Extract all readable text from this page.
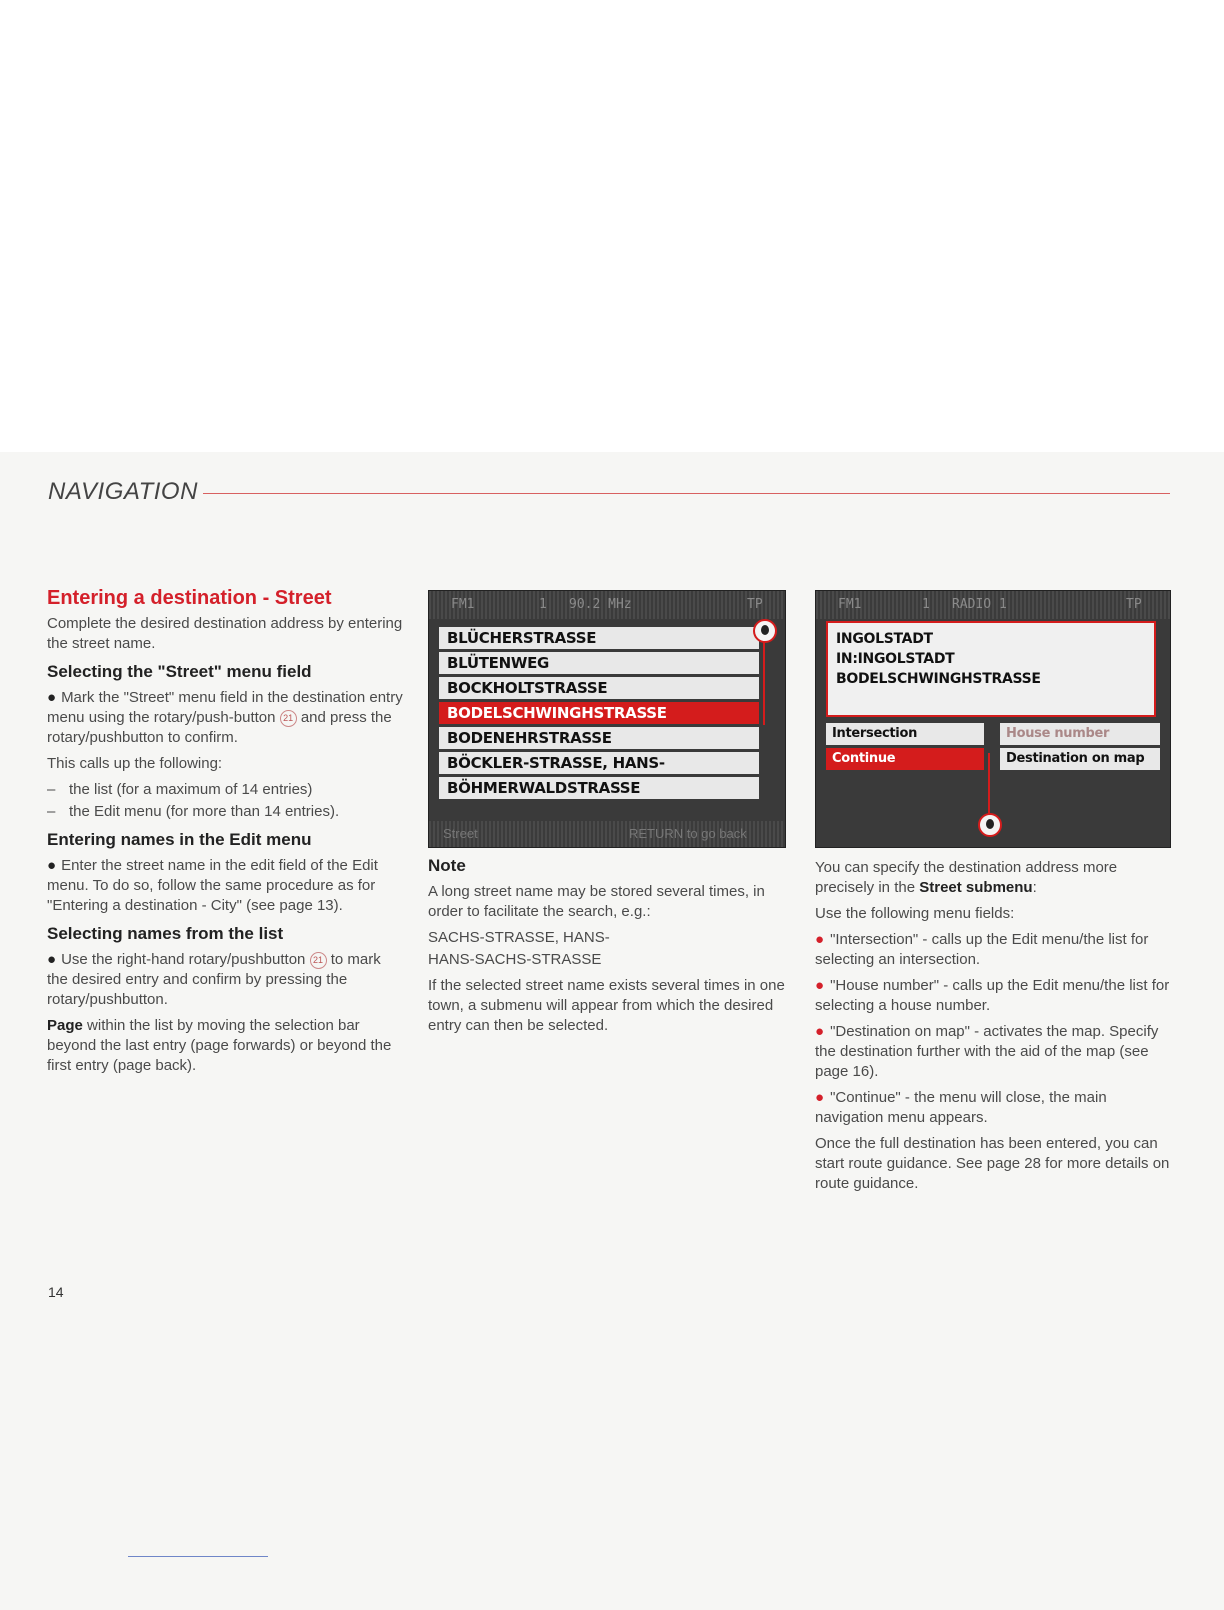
NAVIGATION
Entering a destination - Street

Complete the desired destination address by entering the street name.

Selecting the "Street" menu field

● Mark the "Street" menu field in the destination entry menu using the rotary/push-button 21 and press the rotary/pushbutton to confirm.

This calls up the following:

– the list (for a maximum of 14 entries)

– the Edit menu (for more than 14 entries).

Entering names in the Edit menu

● Enter the street name in the edit field of the Edit menu. To do so, follow the same procedure as for "Entering a destination - City" (see page 13).

Selecting names from the list

● Use the right-hand rotary/pushbutton 21 to mark the desired entry and confirm by pressing the rotary/pushbutton.

Page within the list by moving the selection bar beyond the last entry (page forwards) or beyond the first entry (page back).

FM1	1 90.2 MHz	TP
BLÜCHERSTRASSE
BLÜTENWEG
BOCKHOLTSTRASSE
BODELSCHWINGHSTRASSE
BODENEHRSTRASSE
BÖCKLER-STRASSE, HANS-
BÖHMERWALDSTRASSE
Street	RETURN to go back
Note

A long street name may be stored several times, in order to facilitate the search, e.g.:

SACHS-STRASSE, HANS-

HANS-SACHS-STRASSE

If the selected street name exists several times in one town, a submenu will appear from which the desired entry can then be selected.

FM1	1 RADIO 1	TP
INGOLSTADT
IN:INGOLSTADT
BODELSCHWINGHSTRASSE
Intersection	House number
Continue	Destination on map

You can specify the destination address more precisely in the Street submenu:

Use the following menu fields:

● "Intersection" - calls up the Edit menu/the list for selecting an intersection.

● "House number" - calls up the Edit menu/the list for selecting a house number.

● "Destination on map" - activates the map. Specify the destination further with the aid of the map (see page 16).

● "Continue" - the menu will close, the main navigation menu appears.

Once the full destination has been entered, you can start route guidance. See page 28 for more details on route guidance.

14
